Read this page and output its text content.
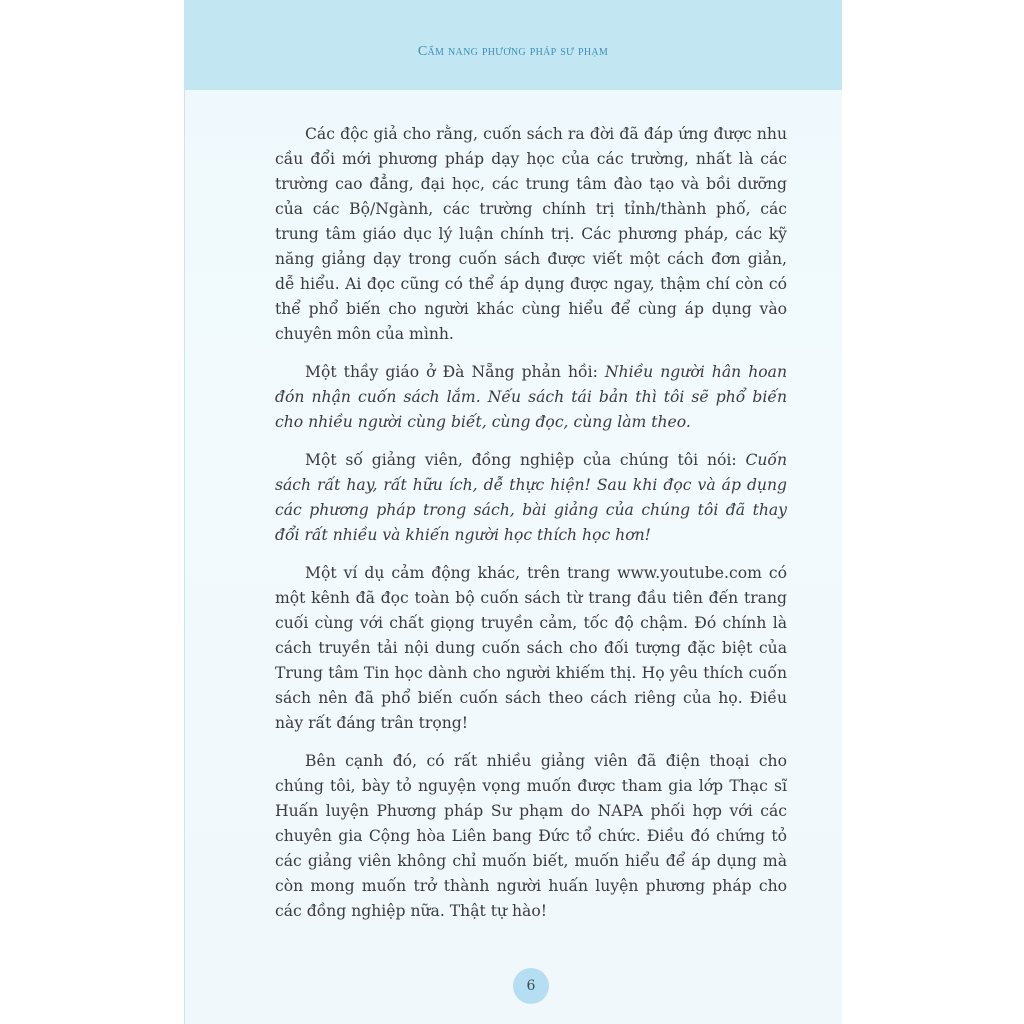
Cẩm nang phương pháp sư phạm

Các độc giả cho rằng, cuốn sách ra đời đã đáp ứng được nhu cầu đổi mới phương pháp dạy học của các trường, nhất là các trường cao đẳng, đại học, các trung tâm đào tạo và bồi dưỡng của các Bộ/Ngành, các trường chính trị tỉnh/thành phố, các trung tâm giáo dục lý luận chính trị. Các phương pháp, các kỹ năng giảng dạy trong cuốn sách được viết một cách đơn giản, dễ hiểu. Ai đọc cũng có thể áp dụng được ngay, thậm chí còn có thể phổ biến cho người khác cùng hiểu để cùng áp dụng vào chuyên môn của mình.

Một thầy giáo ở Đà Nẵng phản hồi: Nhiều người hân hoan đón nhận cuốn sách lắm. Nếu sách tái bản thì tôi sẽ phổ biến cho nhiều người cùng biết, cùng đọc, cùng làm theo.

Một số giảng viên, đồng nghiệp của chúng tôi nói: Cuốn sách rất hay, rất hữu ích, dễ thực hiện! Sau khi đọc và áp dụng các phương pháp trong sách, bài giảng của chúng tôi đã thay đổi rất nhiều và khiến người học thích học hơn!

Một ví dụ cảm động khác, trên trang www.youtube.com có một kênh đã đọc toàn bộ cuốn sách từ trang đầu tiên đến trang cuối cùng với chất giọng truyền cảm, tốc độ chậm. Đó chính là cách truyền tải nội dung cuốn sách cho đối tượng đặc biệt của Trung tâm Tin học dành cho người khiếm thị. Họ yêu thích cuốn sách nên đã phổ biến cuốn sách theo cách riêng của họ. Điều này rất đáng trân trọng!

Bên cạnh đó, có rất nhiều giảng viên đã điện thoại cho chúng tôi, bày tỏ nguyện vọng muốn được tham gia lớp Thạc sĩ Huấn luyện Phương pháp Sư phạm do NAPA phối hợp với các chuyên gia Cộng hòa Liên bang Đức tổ chức. Điều đó chứng tỏ các giảng viên không chỉ muốn biết, muốn hiểu để áp dụng mà còn mong muốn trở thành người huấn luyện phương pháp cho các đồng nghiệp nữa. Thật tự hào!

6
